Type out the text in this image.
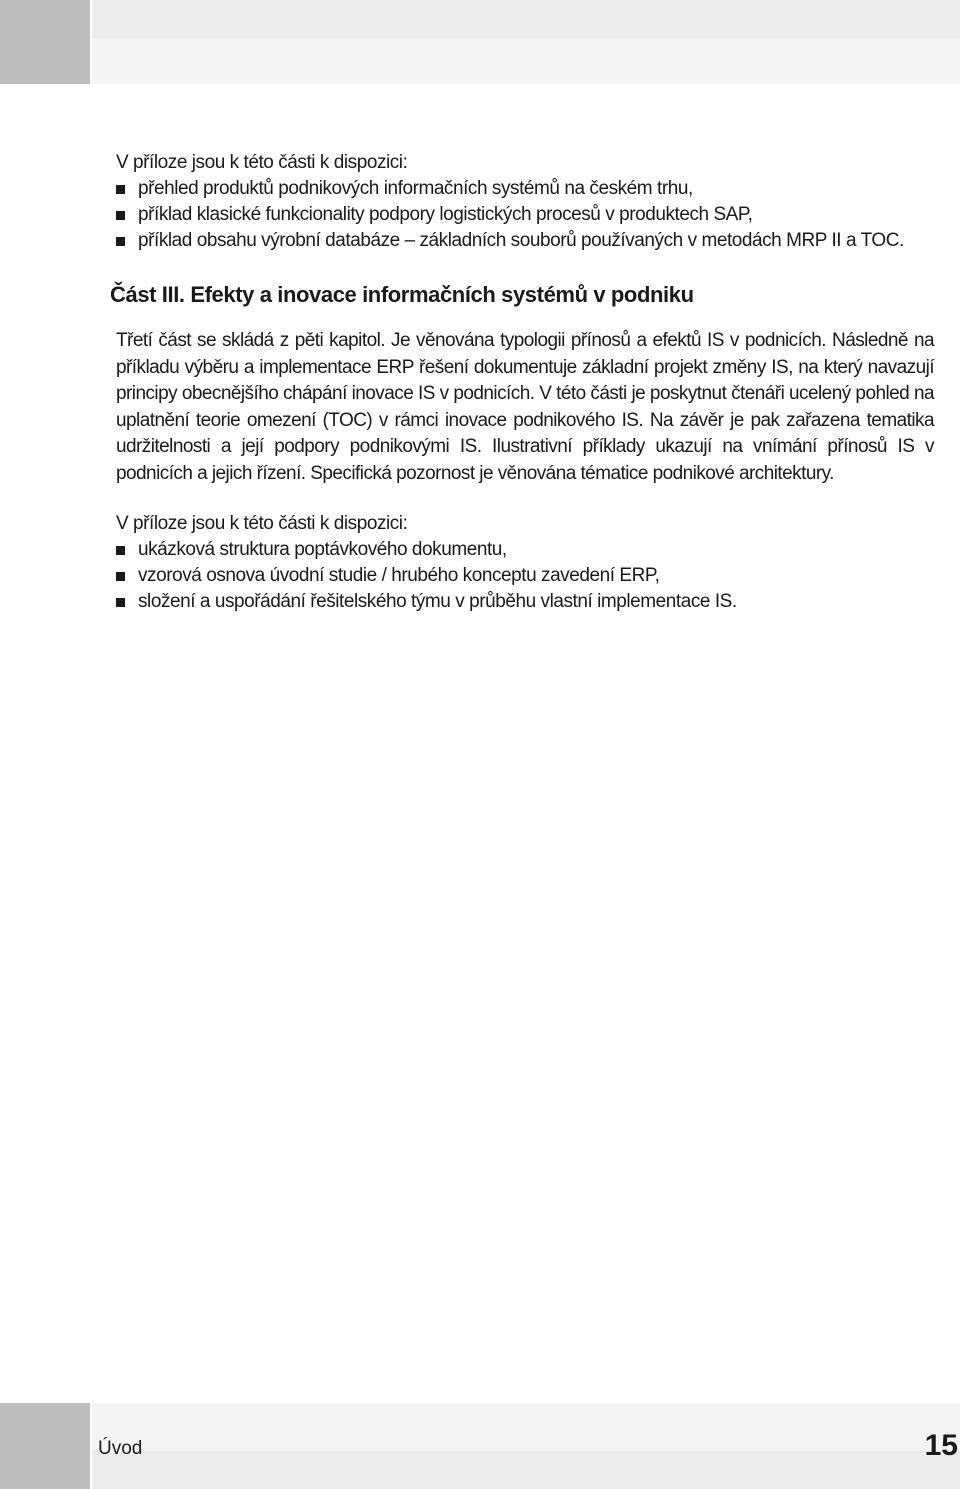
V příloze jsou k této části k dispozici:

přehled produktů podnikových informačních systémů na českém trhu,
příklad klasické funkcionality podpory logistických procesů v produktech SAP,
příklad obsahu výrobní databáze – základních souborů používaných v metodách MRP II a TOC.
Část III. Efekty a inovace informačních systémů v podniku

Třetí část se skládá z pěti kapitol. Je věnována typologii přínosů a efektů IS v podnicích. Následně na příkladu výběru a implementace ERP řešení dokumentuje základní projekt změny IS, na který navazují principy obecnějšího chápání inovace IS v podnicích. V této části je poskytnut čtenáři ucelený pohled na uplatnění teorie omezení (TOC) v rámci inovace podnikového IS. Na závěr je pak zařazena tematika udržitelnosti a její podpory podnikovými IS. Ilustrativní příklady ukazují na vnímání přínosů IS v podnicích a jejich řízení. Specifická pozornost je věnována tématice podnikové architektury.

V příloze jsou k této části k dispozici:

ukázková struktura poptávkového dokumentu,
vzorová osnova úvodní studie / hrubého konceptu zavedení ERP,
složení a uspořádání řešitelského týmu v průběhu vlastní implementace IS.
Úvod	15
